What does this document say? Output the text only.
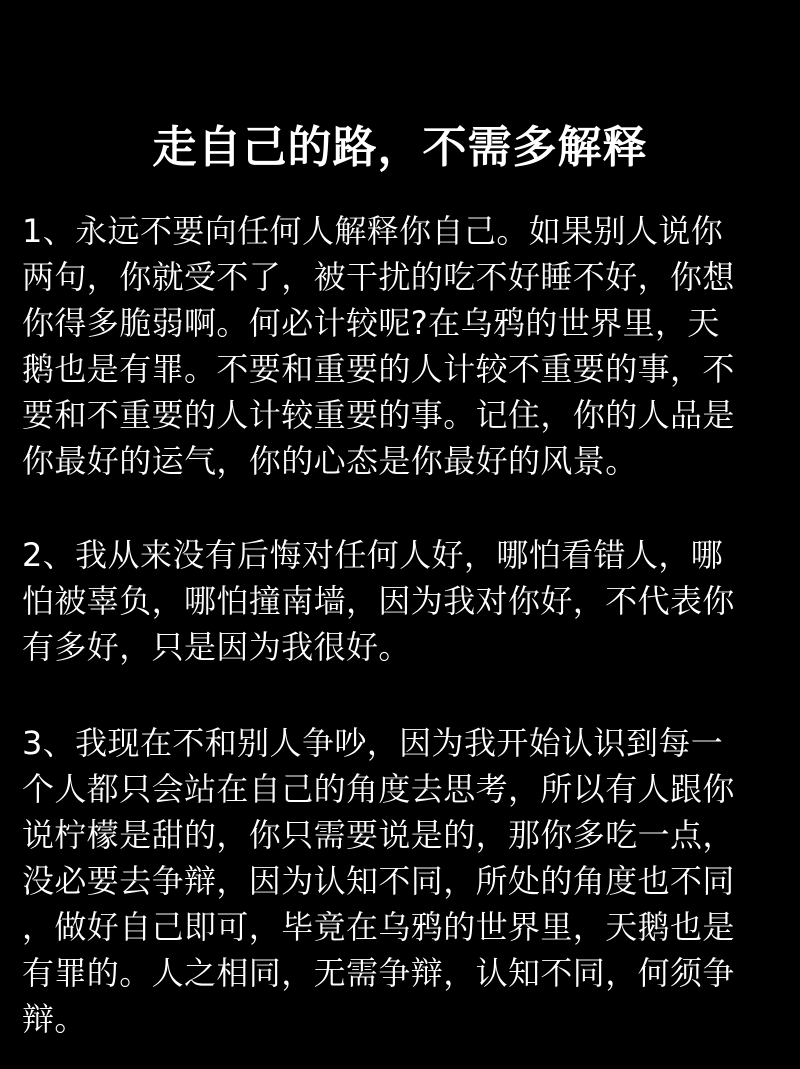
走自己的路，不需多解释
1、永远不要向任何人解释你自己。如果别人说你
两句，你就受不了，被干扰的吃不好睡不好，你想
你得多脆弱啊。何必计较呢?在乌鸦的世界里，天
鹅也是有罪。不要和重要的人计较不重要的事，不
要和不重要的人计较重要的事。记住，你的人品是
你最好的运气，你的心态是你最好的风景。
2、我从来没有后悔对任何人好，哪怕看错人，哪
怕被辜负，哪怕撞南墙，因为我对你好，不代表你
有多好，只是因为我很好。
3、我现在不和别人争吵，因为我开始认识到每一
个人都只会站在自己的角度去思考，所以有人跟你
说柠檬是甜的，你只需要说是的，那你多吃一点，
没必要去争辩，因为认知不同，所处的角度也不同
，做好自己即可，毕竟在乌鸦的世界里，天鹅也是
有罪的。人之相同，无需争辩，认知不同，何须争
辩。
